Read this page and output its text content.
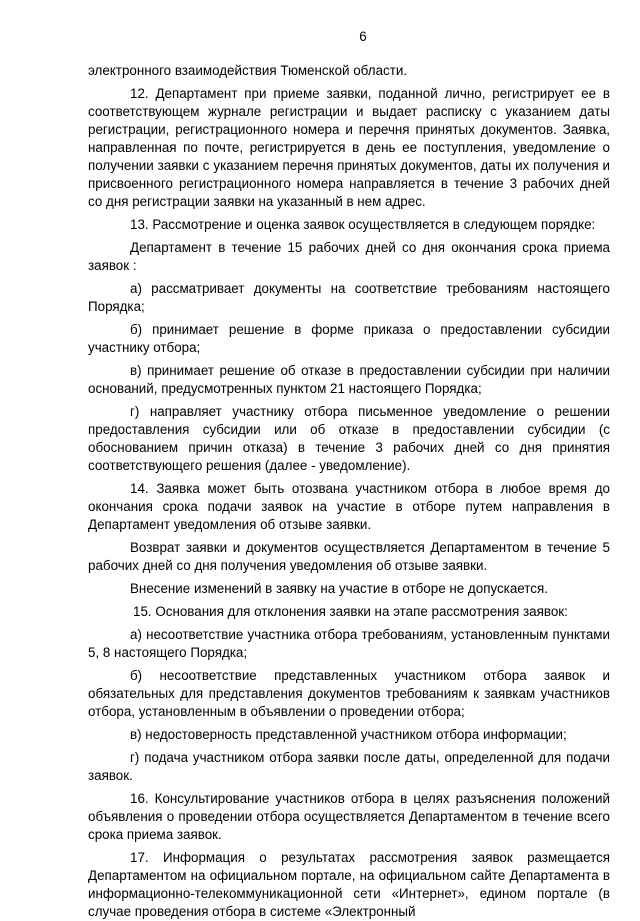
6

электронного взаимодействия Тюменской области.

12. Департамент при приеме заявки, поданной лично, регистрирует ее в соответствующем журнале регистрации и выдает расписку с указанием даты регистрации, регистрационного номера и перечня принятых документов. Заявка, направленная по почте, регистрируется в день ее поступления, уведомление о получении заявки с указанием перечня принятых документов, даты их получения и присвоенного регистрационного номера направляется в течение 3 рабочих дней со дня регистрации заявки на указанный в нем адрес.

13. Рассмотрение и оценка заявок осуществляется в следующем порядке:

Департамент в течение 15 рабочих дней со дня окончания срока приема заявок :

а) рассматривает документы на соответствие требованиям настоящего Порядка;

б) принимает решение в форме приказа о предоставлении субсидии участнику отбора;

в) принимает решение об отказе в предоставлении субсидии при наличии оснований, предусмотренных пунктом 21 настоящего Порядка;

г) направляет участнику отбора письменное уведомление о решении предоставления субсидии или об отказе в предоставлении субсидии (с обоснованием причин отказа) в течение 3 рабочих дней со дня принятия соответствующего решения (далее - уведомление).

14. Заявка может быть отозвана участником отбора в любое время до окончания срока подачи заявок на участие в отборе путем направления в Департамент уведомления об отзыве заявки.

Возврат заявки и документов осуществляется Департаментом в течение 5 рабочих дней со дня получения уведомления об отзыве заявки.

Внесение изменений в заявку на участие в отборе не допускается.

15. Основания для отклонения заявки на этапе рассмотрения заявок:

а) несоответствие участника отбора требованиям, установленным пунктами 5, 8 настоящего Порядка;

б) несоответствие представленных участником отбора заявок и обязательных для представления документов требованиям к заявкам участников отбора, установленным в объявлении о проведении отбора;

в) недостоверность представленной участником отбора информации;

г) подача участником отбора заявки после даты, определенной для подачи заявок.

16. Консультирование участников отбора в целях разъяснения положений объявления о проведении отбора осуществляется Департаментом в течение всего срока приема заявок.

17. Информация о результатах рассмотрения заявок размещается Департаментом на официальном портале, на официальном сайте Департамента в информационно-телекоммуникационной сети «Интернет», едином портале (в случае проведения отбора в системе «Электронный
